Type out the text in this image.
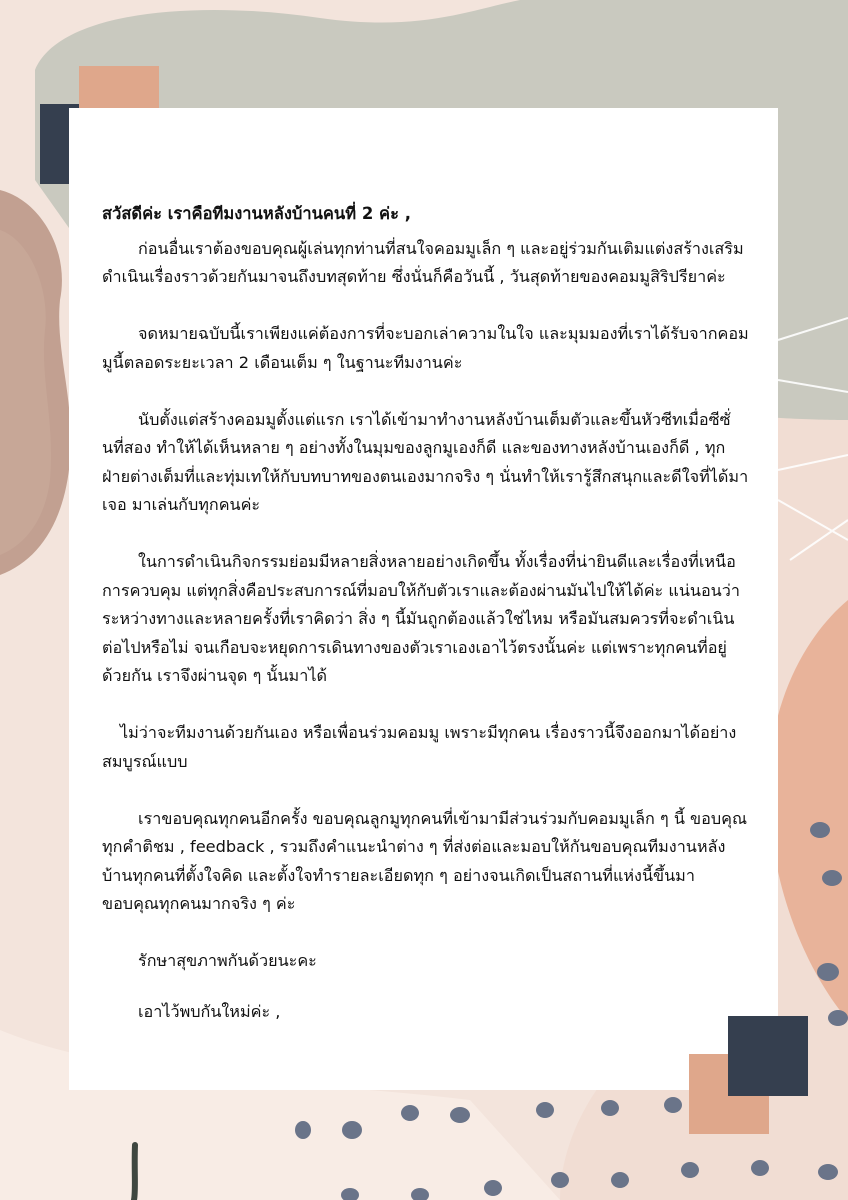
สวัสดีค่ะ เราคือทีมงานหลังบ้านคนที่ 2 ค่ะ ,

ก่อนอื่นเราต้องขอบคุณผู้เล่นทุกท่านที่สนใจคอมมูเล็ก ๆ และอยู่ร่วมกันเติมแต่งสร้างเสริม ดำเนินเรื่องราวด้วยกันมาจนถึงบทสุดท้าย ซึ่งนั่นก็คือวันนี้ , วันสุดท้ายของคอมมูสิริปรียาค่ะ

จดหมายฉบับนี้เราเพียงแค่ต้องการที่จะบอกเล่าความในใจ และมุมมองที่เราได้รับจากคอมมูนี้ตลอดระยะเวลา 2 เดือนเต็ม ๆ ในฐานะทีมงานค่ะ

นับตั้งแต่สร้างคอมมูตั้งแต่แรก เราได้เข้ามาทำงานหลังบ้านเต็มตัวและขึ้นหัวซีทเมื่อซีซั่นที่สอง ทำให้ได้เห็นหลาย ๆ อย่างทั้งในมุมของลูกมูเองก็ดี และของทางหลังบ้านเองก็ดี , ทุกฝ่ายต่างเต็มที่และทุ่มเทให้กับบทบาทของตนเองมากจริง ๆ นั่นทำให้เรารู้สึกสนุกและดีใจที่ได้มาเจอ มาเล่นกับทุกคนค่ะ

ในการดำเนินกิจกรรมย่อมมีหลายสิ่งหลายอย่างเกิดขึ้น ทั้งเรื่องที่น่ายินดีและเรื่องที่เหนือการควบคุม แต่ทุกสิ่งคือประสบการณ์ที่มอบให้กับตัวเราและต้องผ่านมันไปให้ได้ค่ะ แน่นอนว่าระหว่างทางและหลายครั้งที่เราคิดว่า สิ่ง ๆ นี้มันถูกต้องแล้วใช่ไหม หรือมันสมควรที่จะดำเนินต่อไปหรือไม่ จนเกือบจะหยุดการเดินทางของตัวเราเองเอาไว้ตรงนั้นค่ะ แต่เพราะทุกคนที่อยู่ด้วยกัน เราจึงผ่านจุด ๆ นั้นมาได้

ไม่ว่าจะทีมงานด้วยกันเอง หรือเพื่อนร่วมคอมมู เพราะมีทุกคน เรื่องราวนี้จึงออกมาได้อย่างสมบูรณ์แบบ

เราขอบคุณทุกคนอีกครั้ง ขอบคุณลูกมูทุกคนที่เข้ามามีส่วนร่วมกับคอมมูเล็ก ๆ นี้ ขอบคุณทุกคำติชม , feedback , รวมถึงคำแนะนำต่าง ๆ ที่ส่งต่อและมอบให้กันขอบคุณทีมงานหลังบ้านทุกคนที่ตั้งใจคิด และตั้งใจทำรายละเอียดทุก ๆ อย่างจนเกิดเป็นสถานที่แห่งนี้ขึ้นมา ขอบคุณทุกคนมากจริง ๆ ค่ะ

รักษาสุขภาพกันด้วยนะคะ

เอาไว้พบกันใหม่ค่ะ ,
